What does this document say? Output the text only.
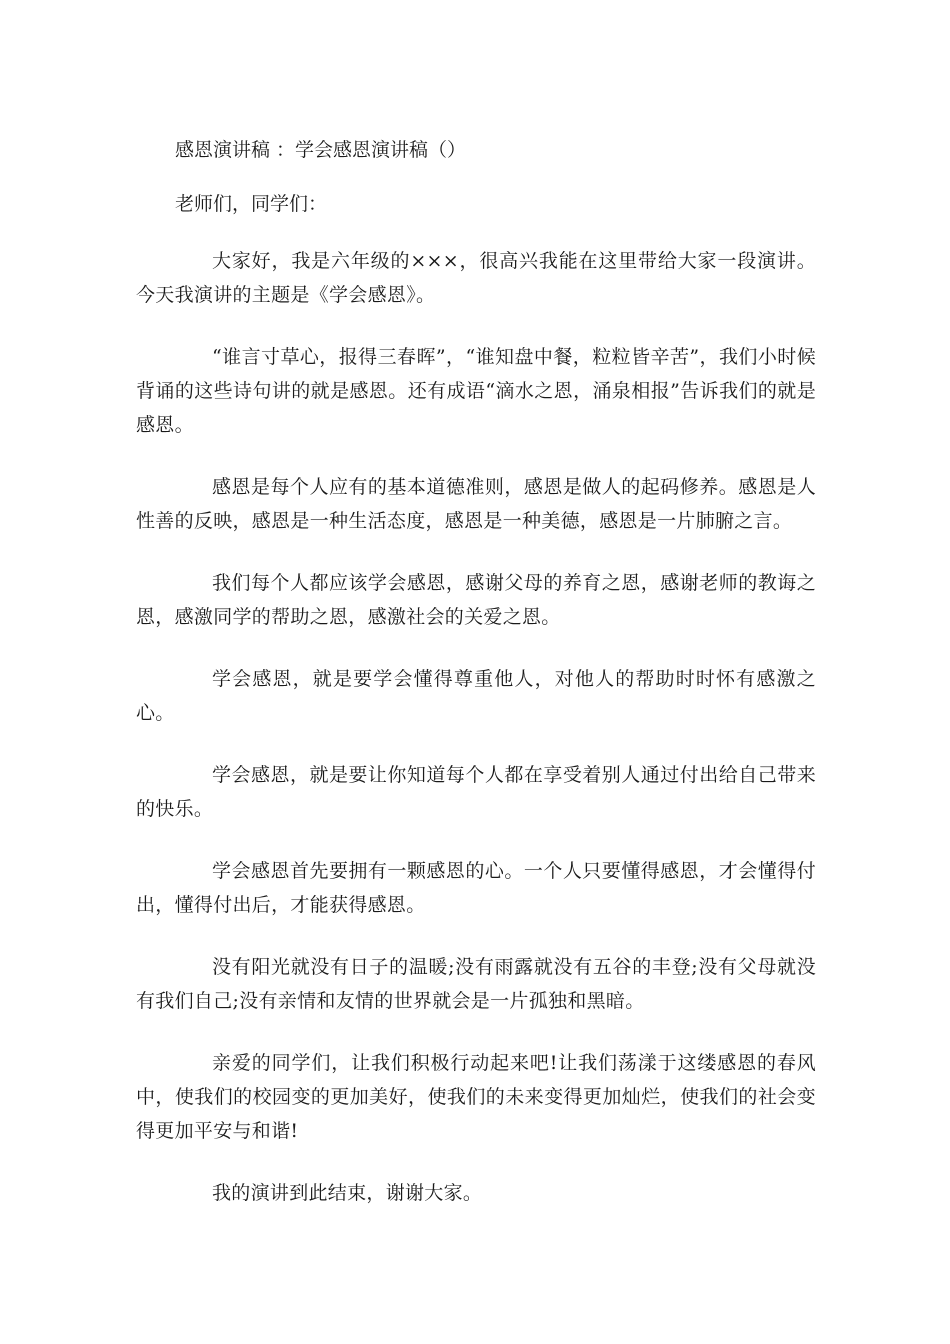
感恩演讲稿 ：学会感恩演讲稿（）
老师们，同学们：

大家好，我是六年级的×××，很高兴我能在这里带给大家一段演讲。今天我演讲的主题是《学会感恩》。

“谁言寸草心，报得三春晖”，“谁知盘中餐，粒粒皆辛苦”，我们小时候背诵的这些诗句讲的就是感恩。还有成语“滴水之恩，涌泉相报”告诉我们的就是感恩。

感恩是每个人应有的基本道德准则，感恩是做人的起码修养。感恩是人性善的反映，感恩是一种生活态度，感恩是一种美德，感恩是一片肺腑之言。

我们每个人都应该学会感恩，感谢父母的养育之恩，感谢老师的教诲之恩，感激同学的帮助之恩，感激社会的关爱之恩。

学会感恩，就是要学会懂得尊重他人，对他人的帮助时时怀有感激之心。

学会感恩，就是要让你知道每个人都在享受着别人通过付出给自己带来的快乐。

学会感恩首先要拥有一颗感恩的心。一个人只要懂得感恩，才会懂得付出，懂得付出后，才能获得感恩。

没有阳光就没有日子的温暖;没有雨露就没有五谷的丰登;没有父母就没有我们自己;没有亲情和友情的世界就会是一片孤独和黑暗。

亲爱的同学们，让我们积极行动起来吧!让我们荡漾于这缕感恩的春风中，使我们的校园变的更加美好，使我们的未来变得更加灿烂，使我们的社会变得更加平安与和谐!

我的演讲到此结束，谢谢大家。
